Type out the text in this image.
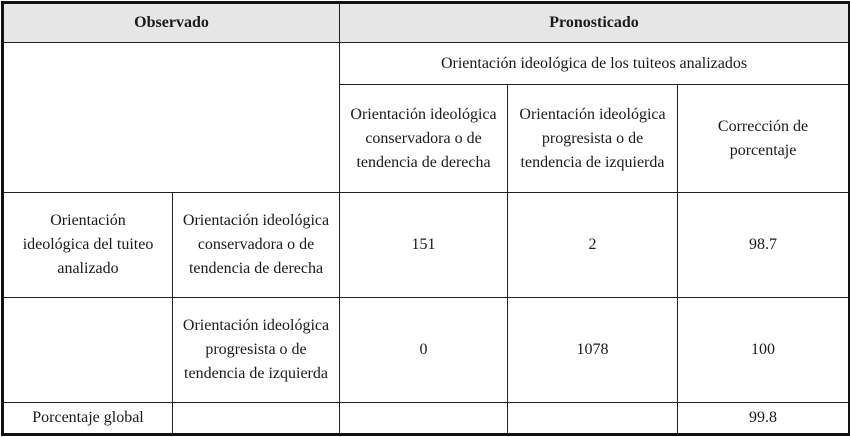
Observado		Pronosticado		
		Orientación ideológica de los tuiteos analizados		
		Orientación ideológica conservadora o de tendencia de derecha	Orientación ideológica progresista o de tendencia de izquierda	Corrección de porcentaje
Orientación ideológica del tuiteo analizado	Orientación ideológica conservadora o de tendencia de derecha	151	2	98.7
	Orientación ideológica progresista o de tendencia de izquierda	0	1078	100
Porcentaje global				99.8
